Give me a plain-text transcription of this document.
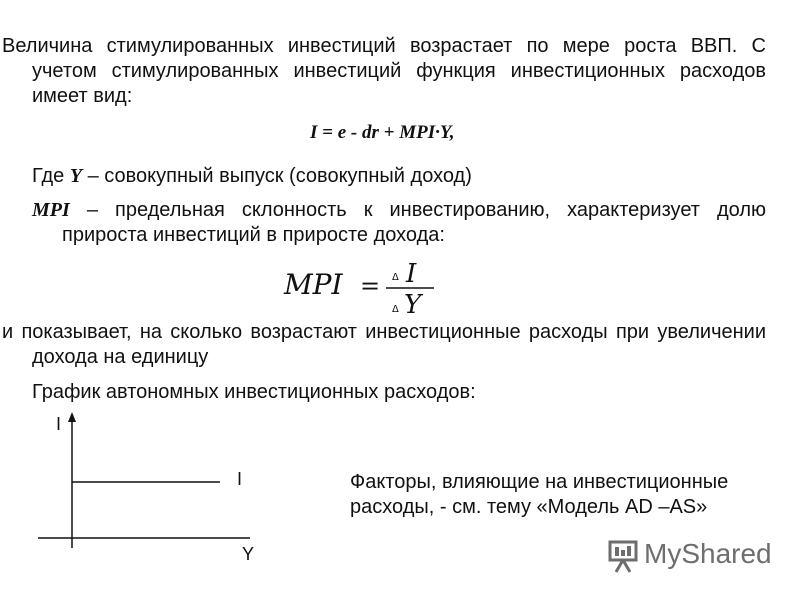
Величина стимулированных инвестиций возрастает по мере роста ВВП. С учетом стимулированных инвестиций функция инвестиционных расходов имеет вид:
I = e - dr + MPI·Y,
Где Y – совокупный выпуск (совокупный доход)
MPI – предельная склонность к инвестированию, характеризует долю прироста инвестиций в приросте дохода:
MPI = Δ I
Δ Y
и показывает, на сколько возрастают инвестиционные расходы при увеличении дохода на единицу
График автономных инвестиционных расходов:
I
I
Y
Факторы, влияющие на инвестиционные расходы, - см. тему «Модель AD –AS»
MyShared
